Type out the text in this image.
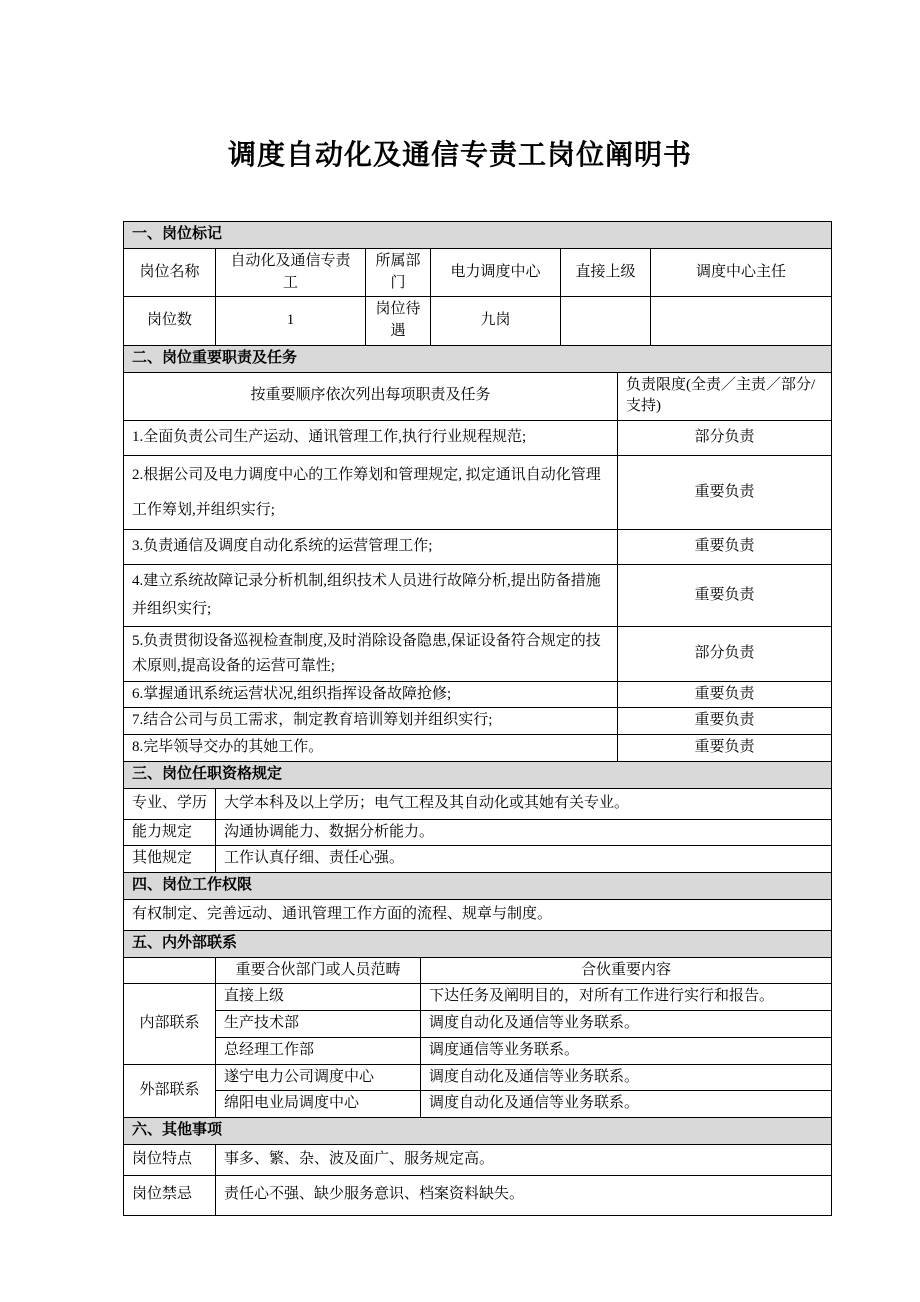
调度自动化及通信专责工岗位阐明书
一、岗位标记					
岗位名称	自动化及通信专责工	所属部门	电力调度中心	直接上级	调度中心主任
岗位数	1	岗位待遇	九岗		
二、岗位重要职责及任务	
按重要顺序依次列出每项职责及任务	负责限度(全责／主责／部分/支持)
1.全面负责公司生产运动、通讯管理工作,执行行业规程规范;	部分负责
2.根据公司及电力调度中心的工作筹划和管理规定, 拟定通讯自动化管理工作筹划,并组织实行;	重要负责
3.负责通信及调度自动化系统的运营管理工作;	重要负责
4.建立系统故障记录分析机制,组织技术人员进行故障分析,提出防备措施并组织实行;	重要负责
5.负责贯彻设备巡视检查制度,及时消除设备隐患,保证设备符合规定的技术原则,提高设备的运营可靠性;	部分负责
6.掌握通讯系统运营状况,组织指挥设备故障抢修;	重要负责
7.结合公司与员工需求，制定教育培训筹划并组织实行;	重要负责
8.完毕领导交办的其她工作。	重要负责
三、岗位任职资格规定	
专业、学历	大学本科及以上学历；电气工程及其自动化或其她有关专业。
能力规定	沟通协调能力、数据分析能力。
其他规定	工作认真仔细、责任心强。
四、岗位工作权限
有权制定、完善远动、通讯管理工作方面的流程、规章与制度。
五、内外部联系		
	重要合伙部门或人员范畴	合伙重要内容
内部联系	直接上级	下达任务及阐明目的，对所有工作进行实行和报告。
	生产技术部	调度自动化及通信等业务联系。
	总经理工作部	调度通信等业务联系。
外部联系	遂宁电力公司调度中心	调度自动化及通信等业务联系。
	绵阳电业局调度中心	调度自动化及通信等业务联系。
六、其他事项	
岗位特点	事多、繁、杂、波及面广、服务规定高。
岗位禁忌	责任心不强、缺少服务意识、档案资料缺失。
